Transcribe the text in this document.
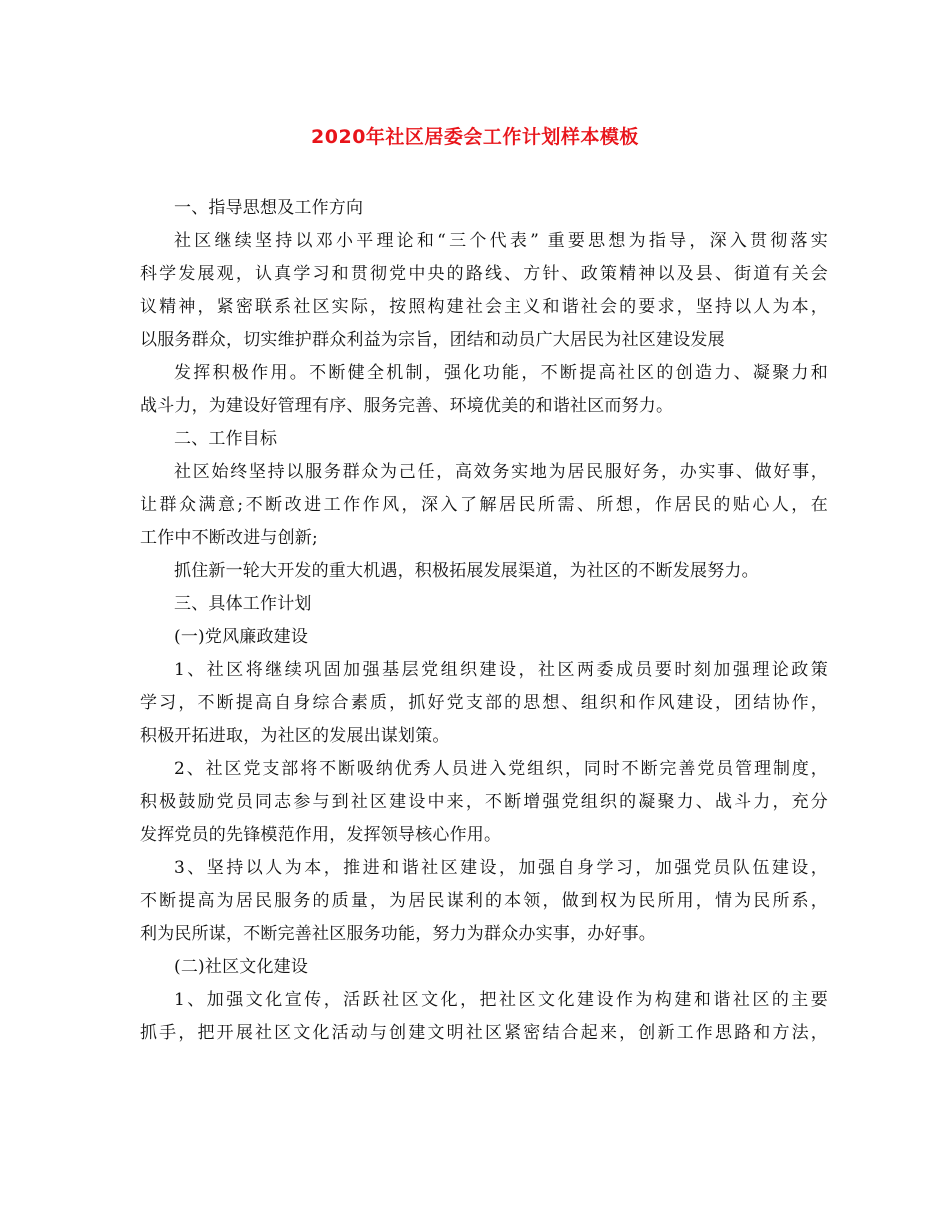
2020年社区居委会工作计划样本模板
一、指导思想及工作方向
社区继续坚持以邓小平理论和“三个代表” 重要思想为指导，深入贯彻落实
科学发展观，认真学习和贯彻党中央的路线、方针、政策精神以及县、街道有关会
议精神，紧密联系社区实际，按照构建社会主义和谐社会的要求，坚持以人为本，
以服务群众，切实维护群众利益为宗旨，团结和动员广大居民为社区建设发展
发挥积极作用。不断健全机制，强化功能，不断提高社区的创造力、凝聚力和
战斗力，为建设好管理有序、服务完善、环境优美的和谐社区而努力。
二、工作目标
社区始终坚持以服务群众为己任，高效务实地为居民服好务，办实事、做好事，
让群众满意;不断改进工作作风，深入了解居民所需、所想，作居民的贴心人，在
工作中不断改进与创新;
抓住新一轮大开发的重大机遇，积极拓展发展渠道，为社区的不断发展努力。
三、具体工作计划
(一)党风廉政建设
1、社区将继续巩固加强基层党组织建设，社区两委成员要时刻加强理论政策
学习，不断提高自身综合素质，抓好党支部的思想、组织和作风建设，团结协作，
积极开拓进取，为社区的发展出谋划策。
2、社区党支部将不断吸纳优秀人员进入党组织，同时不断完善党员管理制度，
积极鼓励党员同志参与到社区建设中来，不断增强党组织的凝聚力、战斗力，充分
发挥党员的先锋模范作用，发挥领导核心作用。
3、坚持以人为本，推进和谐社区建设，加强自身学习，加强党员队伍建设，
不断提高为居民服务的质量，为居民谋利的本领，做到权为民所用，情为民所系，
利为民所谋，不断完善社区服务功能，努力为群众办实事，办好事。
(二)社区文化建设
1、加强文化宣传，活跃社区文化，把社区文化建设作为构建和谐社区的主要
抓手，把开展社区文化活动与创建文明社区紧密结合起来，创新工作思路和方法，
